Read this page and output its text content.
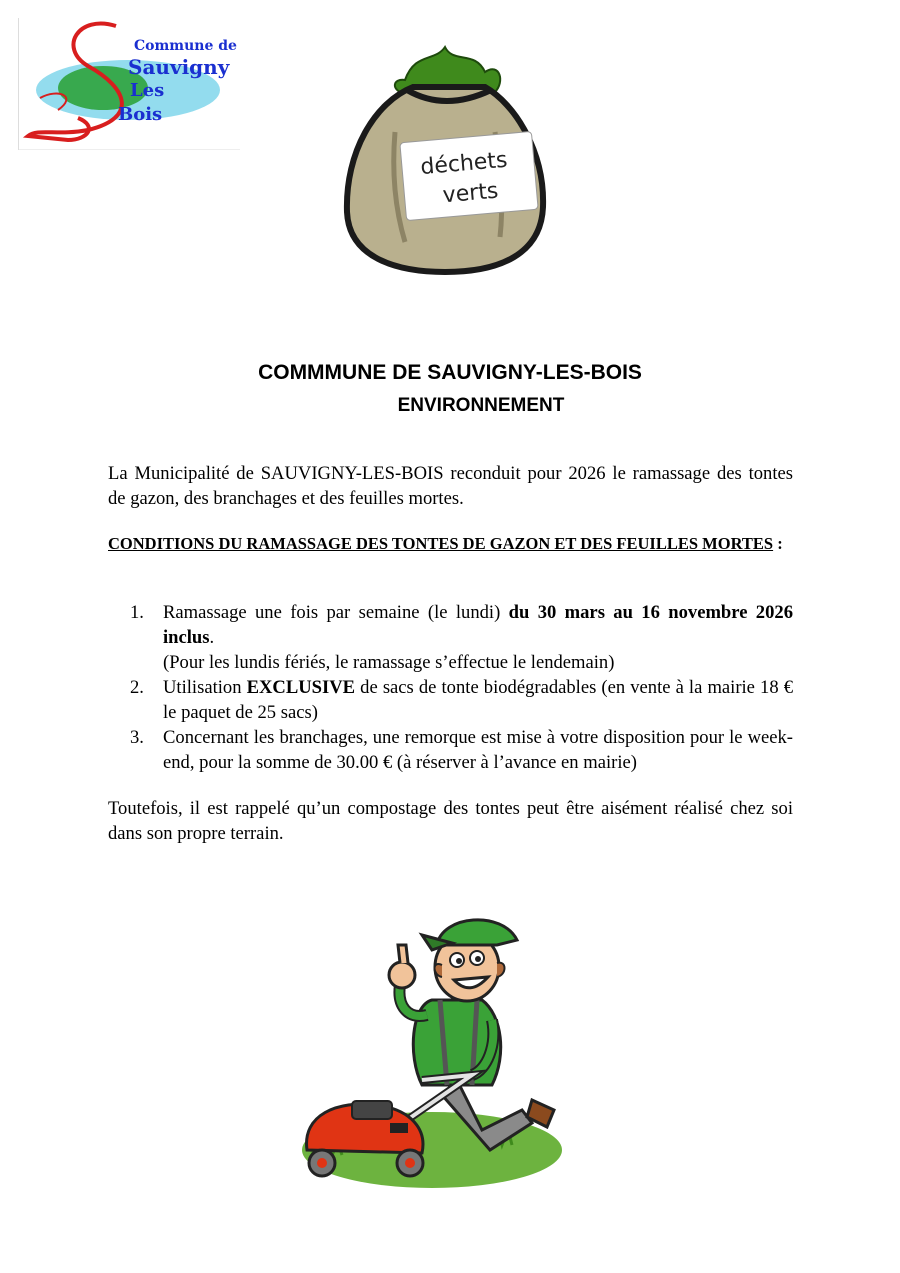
Commune de
Sauvigny
Les
Bois
déchets
verts
COMMMUNE DE SAUVIGNY-LES-BOIS
ENVIRONNEMENT
La Municipalité de SAUVIGNY-LES-BOIS reconduit pour 2026 le ramassage des tontes de gazon, des branchages et des feuilles mortes.
CONDITIONS DU RAMASSAGE DES TONTES DE GAZON ET DES FEUILLES MORTES :
1. Ramassage une fois par semaine (le lundi) du 30 mars au 16 novembre 2026 inclus.
(Pour les lundis fériés, le ramassage s’effectue le lendemain)
2. Utilisation EXCLUSIVE de sacs de tonte biodégradables (en vente à la mairie 18 € le paquet de 25 sacs)
3. Concernant les branchages, une remorque est mise à votre disposition pour le week-end, pour la somme de 30.00 € (à réserver à l’avance en mairie)
Toutefois, il est rappelé qu’un compostage des tontes peut être aisément réalisé chez soi dans son propre terrain.
